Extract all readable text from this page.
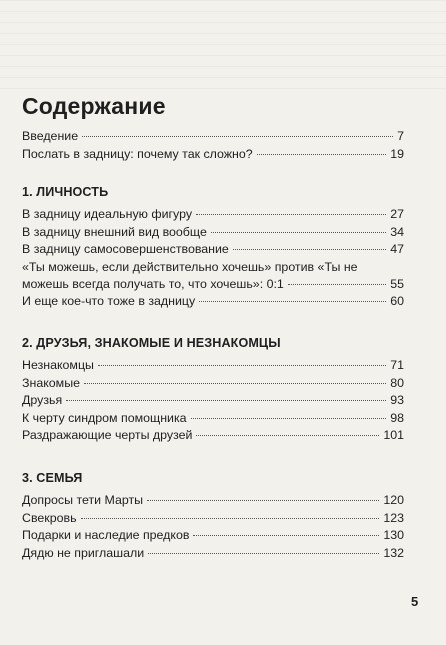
Содержание
Введение	7
Послать в задницу: почему так сложно?	19
1. ЛИЧНОСТЬ
В задницу идеальную фигуру	27
В задницу внешний вид вообще	34
В задницу самосовершенствование	47
«Ты можешь, если действительно хочешь» против «Ты не
можешь всегда получать то, что хочешь»: 0:1	55
И еще кое-что тоже в задницу	60
2. ДРУЗЬЯ, ЗНАКОМЫЕ И НЕЗНАКОМЦЫ
Незнакомцы	71
Знакомые	80
Друзья	93
К черту синдром помощника	98
Раздражающие черты друзей	101
3. СЕМЬЯ
Допросы тети Марты	120
Свекровь	123
Подарки и наследие предков	130
Дядю не приглашали	132
5
